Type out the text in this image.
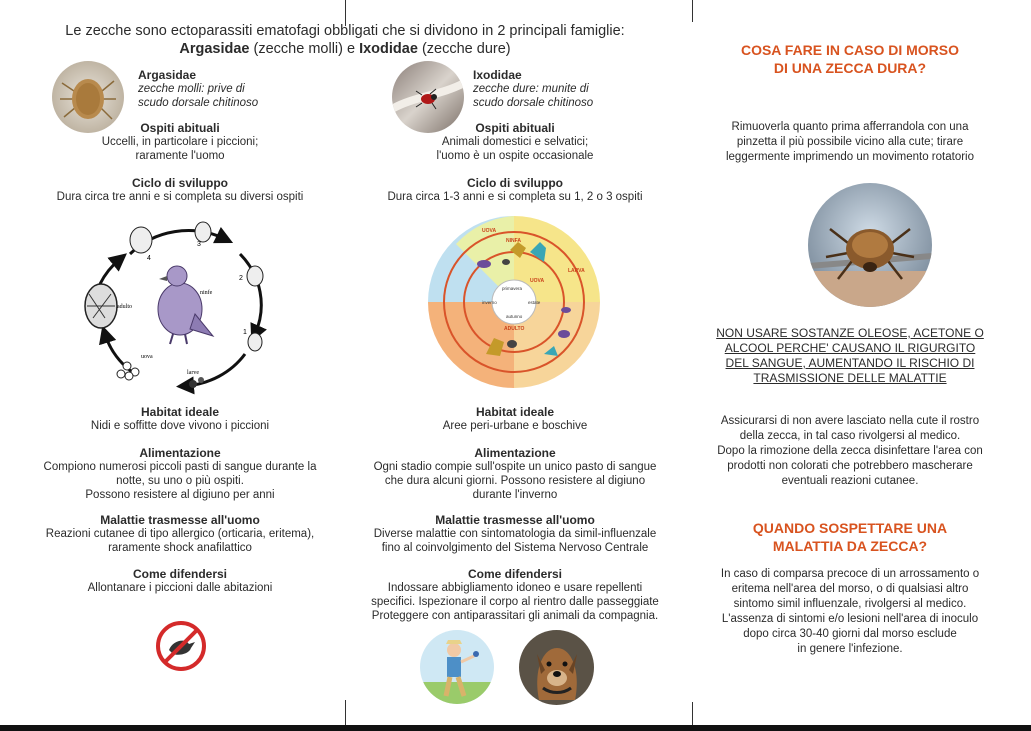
Le zecche sono ectoparassiti ematofagi obbligati che si dividono in 2 principali famiglie:
Argasidae (zecche molli) e Ixodidae (zecche dure)
Argasidae
zecche molli: prive di
scudo dorsale chitinoso
Ospiti abituali
Uccelli, in particolare i piccioni;
raramente l'uomo
Ciclo di sviluppo
Dura circa tre anni e si completa su diversi ospiti
adulto
ninfe
uova
larve
1
2
3
4
Habitat ideale
Nidi e soffitte dove vivono i piccioni
Alimentazione
Compiono numerosi piccoli pasti di sangue durante la
notte, su uno o più ospiti.
Possono resistere al digiuno per anni
Malattie trasmesse all'uomo
Reazioni cutanee di tipo allergico (orticaria, eritema),
raramente shock anafilattico
Come difendersi
Allontanare i piccioni dalle abitazioni
Ixodidae
zecche dure: munite di
scudo dorsale chitinoso
Ospiti abituali
Animali domestici e selvatici;
l'uomo è un ospite occasionale
Ciclo di sviluppo
Dura circa 1-3 anni e si completa su 1, 2 o 3 ospiti
UOVA
NINFA
LARVA
UOVA
primavera
inverno	estate
autunno
ADULTO
Habitat ideale
Aree peri-urbane e boschive
Alimentazione
Ogni stadio compie sull'ospite un unico pasto di sangue
che dura alcuni giorni. Possono resistere al digiuno
durante l'inverno
Malattie trasmesse all'uomo
Diverse malattie con sintomatologia da simil-influenzale
fino al coinvolgimento del Sistema Nervoso Centrale
Come difendersi
Indossare abbigliamento idoneo e usare repellenti
specifici. Ispezionare il corpo al rientro dalle passeggiate
Proteggere con antiparassitari gli animali da compagnia.
COSA FARE IN CASO DI MORSO
DI UNA ZECCA DURA?
Rimuoverla quanto prima afferrandola con una
pinzetta il più possibile vicino alla cute; tirare
leggermente imprimendo un movimento rotatorio
NON USARE SOSTANZE OLEOSE, ACETONE O
ALCOOL PERCHE' CAUSANO IL RIGURGITO
DEL SANGUE, AUMENTANDO IL RISCHIO DI
TRASMISSIONE DELLE MALATTIE
Assicurarsi di non avere lasciato nella cute il rostro
della zecca, in tal caso rivolgersi al medico.
Dopo la rimozione della zecca disinfettare l'area con
prodotti non colorati che potrebbero mascherare
eventuali reazioni cutanee.
QUANDO SOSPETTARE UNA
MALATTIA DA ZECCA?
In caso di comparsa precoce di un arrossamento o
eritema nell'area del morso, o di qualsiasi altro
sintomo simil influenzale, rivolgersi al medico.
L'assenza di sintomi e/o lesioni nell'area di inoculo
dopo circa 30-40 giorni dal morso esclude
in genere l'infezione.
